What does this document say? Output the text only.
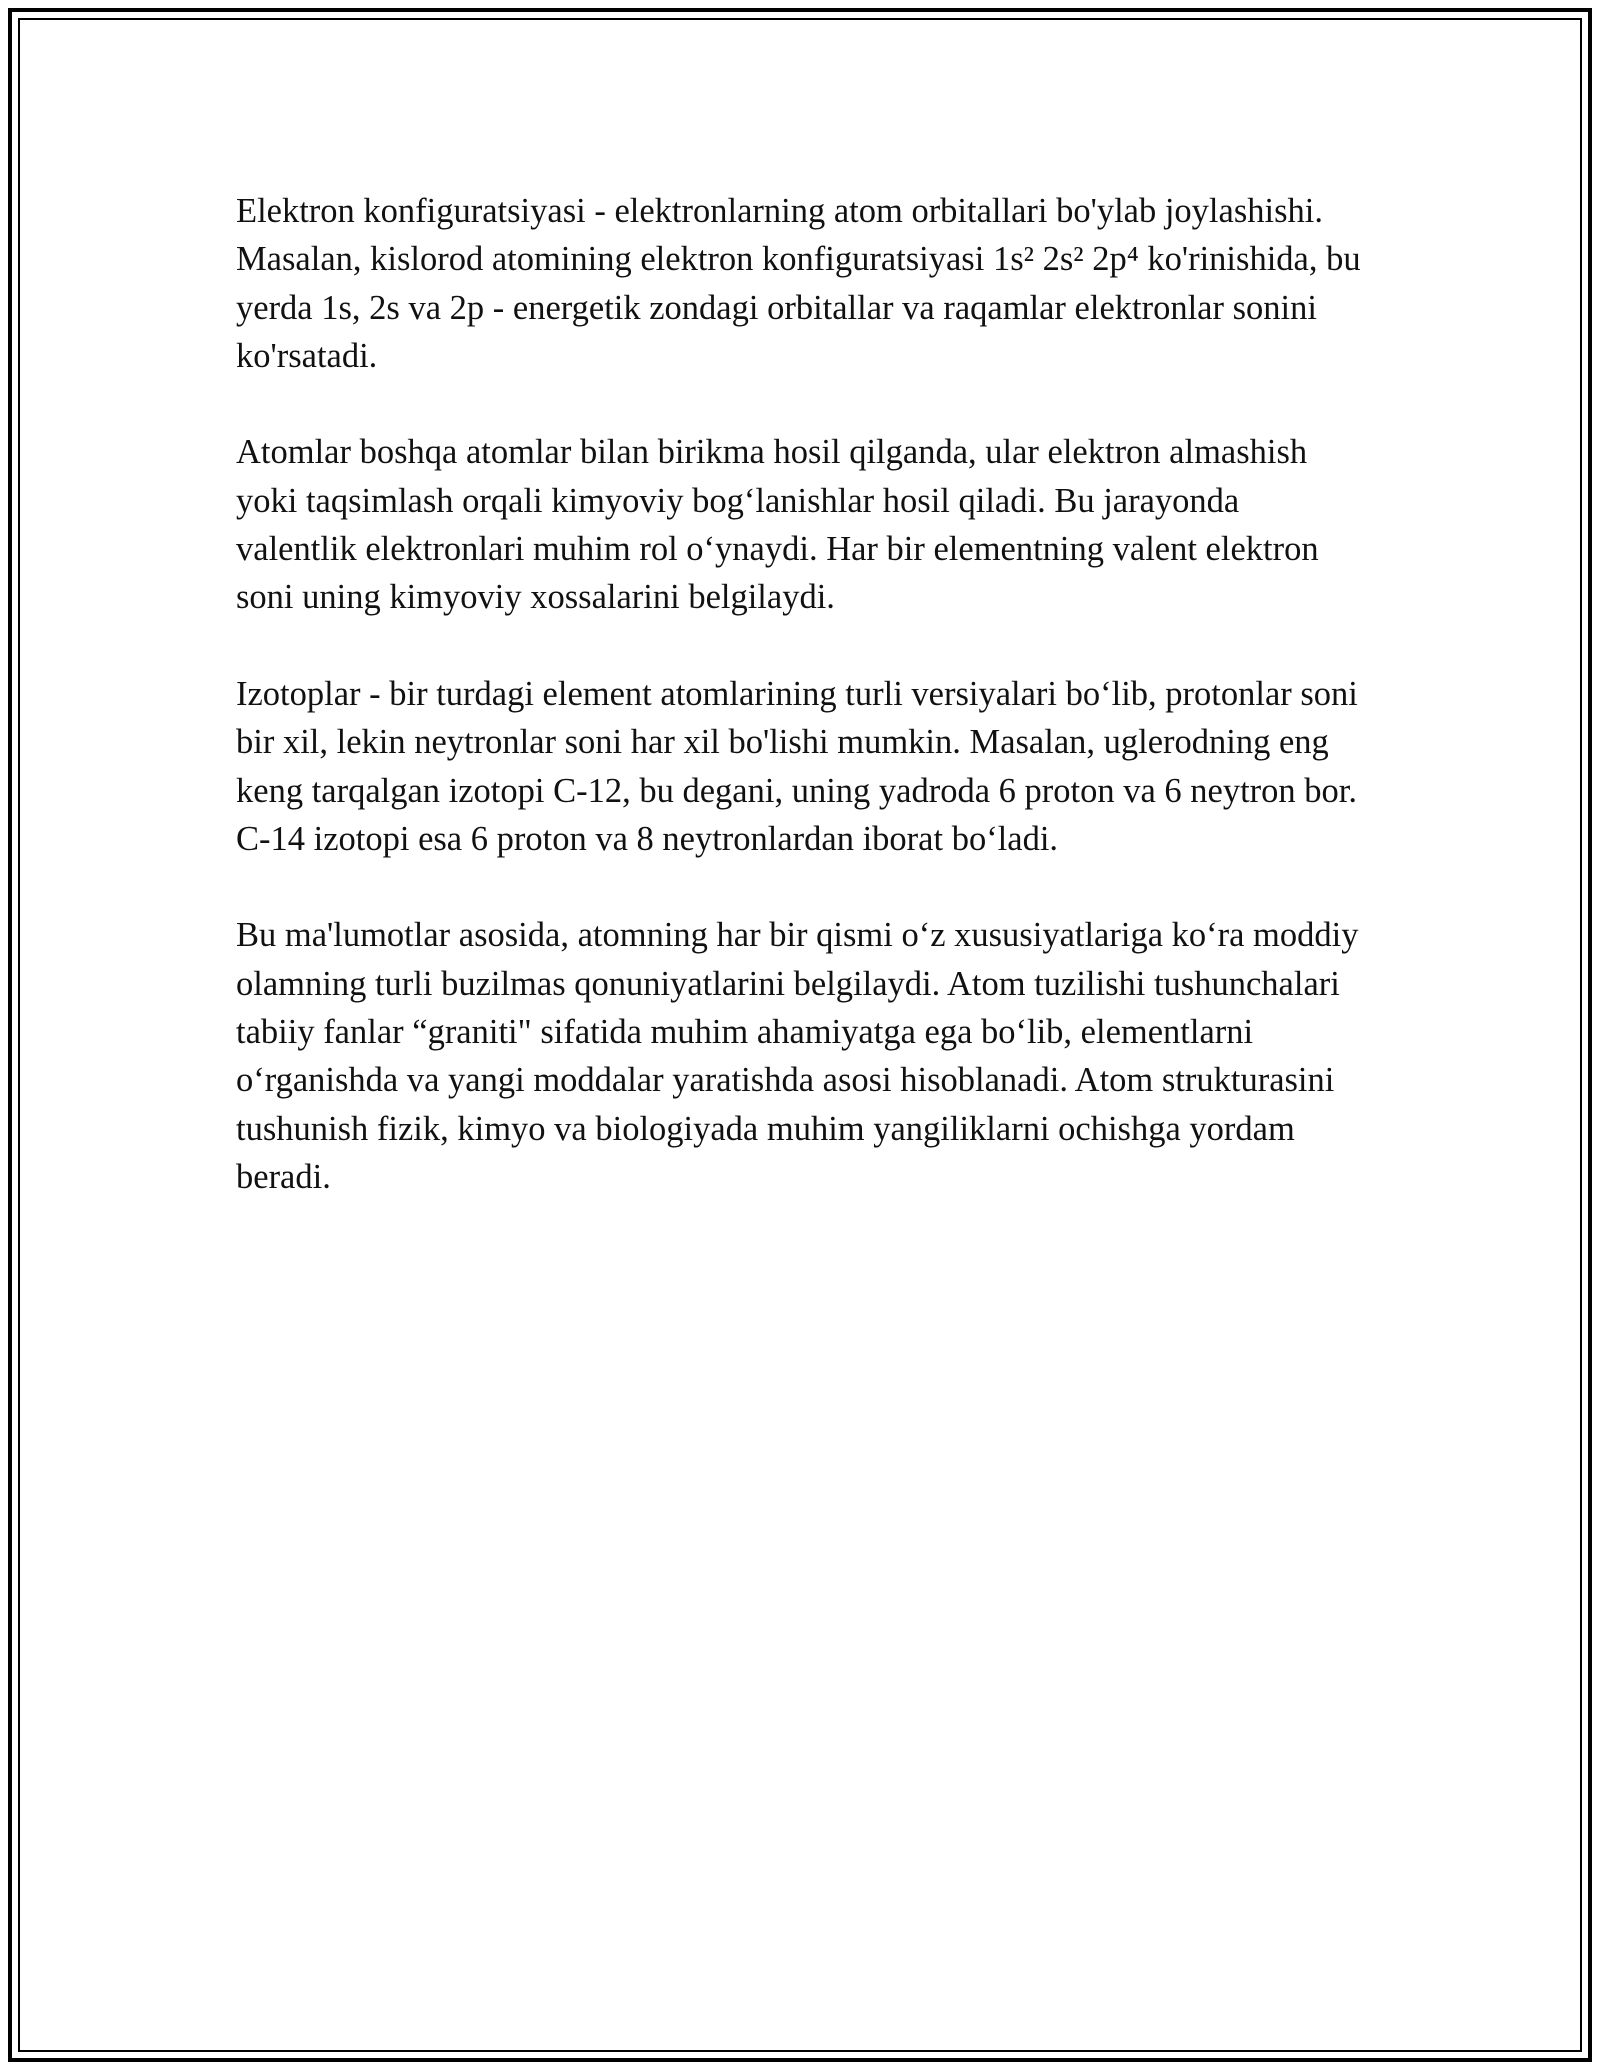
Elektron konfiguratsiyasi - elektronlarning atom orbitallari bo'ylab joylashishi. Masalan, kislorod atomining elektron konfiguratsiyasi 1s² 2s² 2p⁴ ko'rinishida, bu yerda 1s, 2s va 2p - energetik zondagi orbitallar va raqamlar elektronlar sonini ko'rsatadi.

Atomlar boshqa atomlar bilan birikma hosil qilganda, ular elektron almashish yoki taqsimlash orqali kimyoviy bog‘lanishlar hosil qiladi. Bu jarayonda valentlik elektronlari muhim rol o‘ynaydi. Har bir elementning valent elektron soni uning kimyoviy xossalarini belgilaydi.

Izotoplar - bir turdagi element atomlarining turli versiyalari bo‘lib, protonlar soni bir xil, lekin neytronlar soni har xil bo'lishi mumkin. Masalan, uglerodning eng keng tarqalgan izotopi C-12, bu degani, uning yadroda 6 proton va 6 neytron bor. C-14 izotopi esa 6 proton va 8 neytronlardan iborat bo‘ladi.

Bu ma'lumotlar asosida, atomning har bir qismi o‘z xususiyatlariga ko‘ra moddiy olamning turli buzilmas qonuniyatlarini belgilaydi. Atom tuzilishi tushunchalari tabiiy fanlar “graniti" sifatida muhim ahamiyatga ega bo‘lib, elementlarni o‘rganishda va yangi moddalar yaratishda asosi hisoblanadi. Atom strukturasini tushunish fizik, kimyo va biologiyada muhim yangiliklarni ochishga yordam beradi.
